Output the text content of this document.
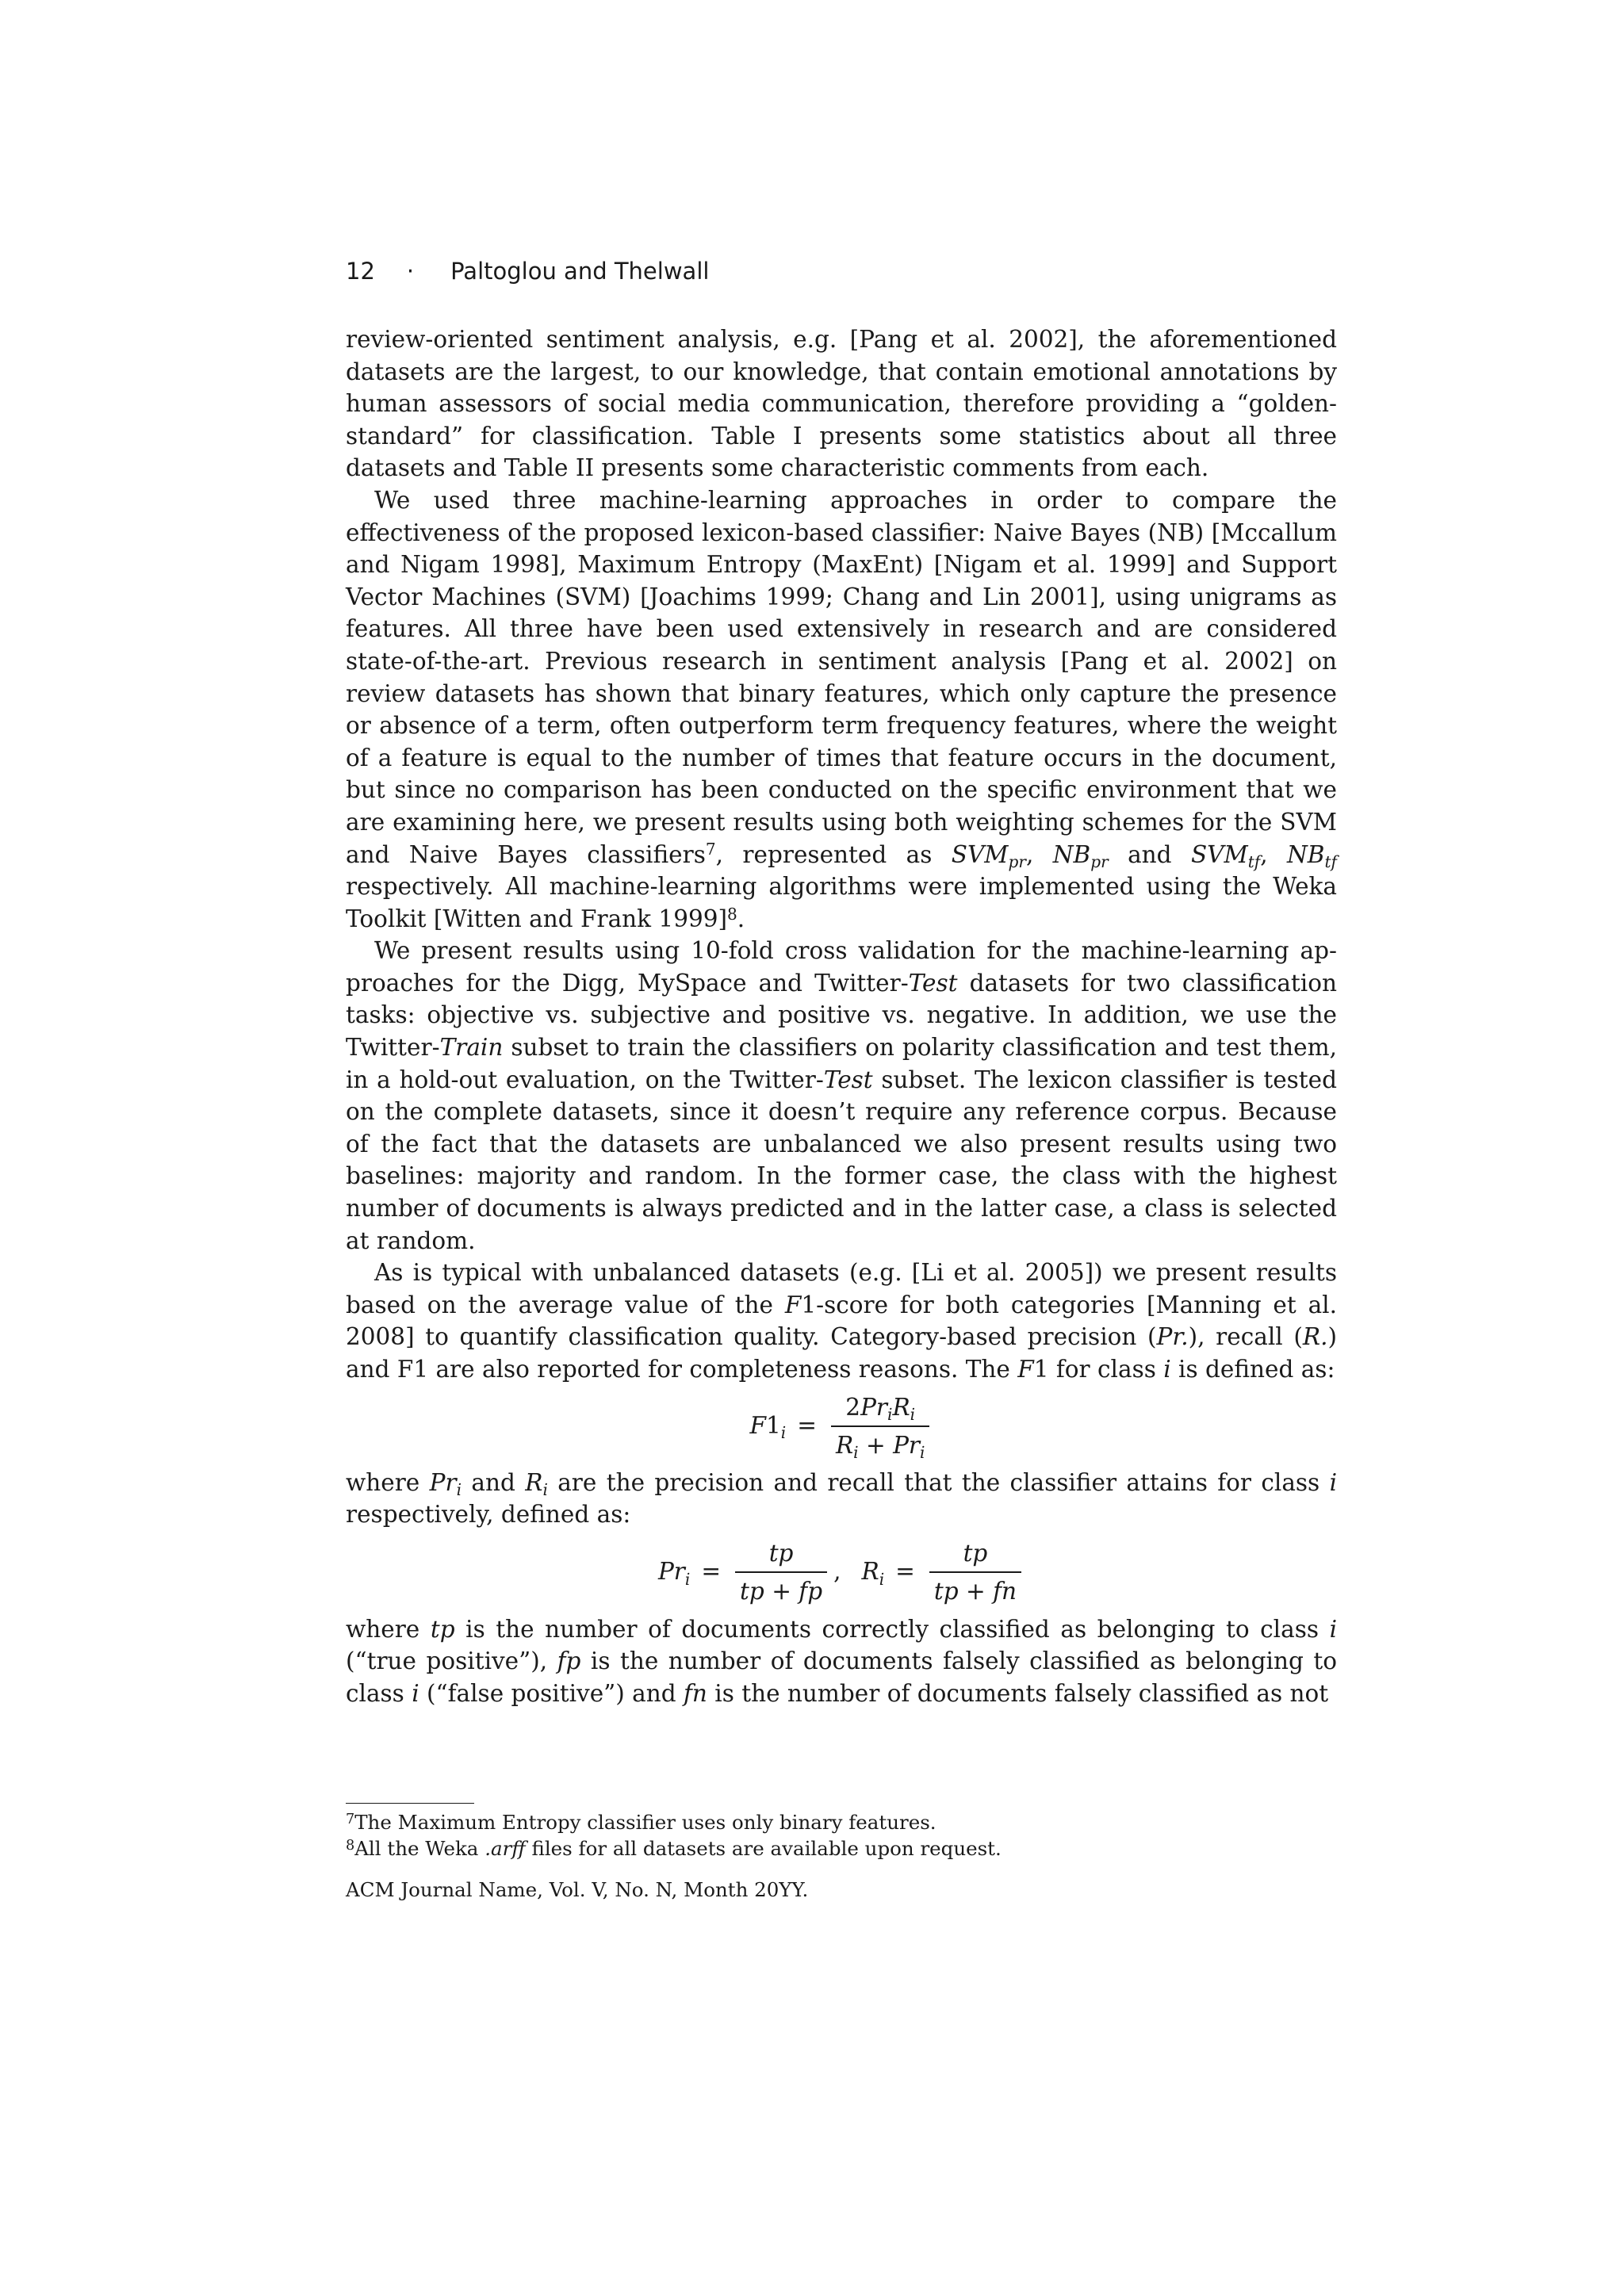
12 · Paltoglou and Thelwall

review-oriented sentiment analysis, e.g. [Pang et al. 2002], the aforementioned datasets are the largest, to our knowledge, that contain emotional annotations by human assessors of social media communication, therefore providing a “golden-standard” for classification. Table I presents some statistics about all three datasets and Table II presents some characteristic comments from each.

We used three machine-learning approaches in order to compare the effectiveness of the proposed lexicon-based classifier: Naive Bayes (NB) [Mccallum and Nigam 1998], Maximum Entropy (MaxEnt) [Nigam et al. 1999] and Support Vector Machines (SVM) [Joachims 1999; Chang and Lin 2001], using unigrams as features. All three have been used extensively in research and are considered state-of-the-art. Previous research in sentiment analysis [Pang et al. 2002] on review datasets has shown that binary features, which only capture the presence or absence of a term, often outperform term frequency features, where the weight of a feature is equal to the number of times that feature occurs in the document, but since no comparison has been conducted on the specific environment that we are examining here, we present results using both weighting schemes for the SVM and Naive Bayes classifiers$^7$, represented as $SVM_{pr}$, $NB_{pr}$ and $SVM_{tf}$, $NB_{tf}$ respectively. All machine-learning algorithms were implemented using the Weka Toolkit [Witten and Frank 1999]$^8$.

We present results using 10-fold cross validation for the machine-learning approaches for the Digg, MySpace and Twitter-Test datasets for two classification tasks: objective vs. subjective and positive vs. negative. In addition, we use the Twitter-Train subset to train the classifiers on polarity classification and test them, in a hold-out evaluation, on the Twitter-Test subset. The lexicon classifier is tested on the complete datasets, since it doesn’t require any reference corpus. Because of the fact that the datasets are unbalanced we also present results using two baselines: majority and random. In the former case, the class with the highest number of documents is always predicted and in the latter case, a class is selected at random.

As is typical with unbalanced datasets (e.g. [Li et al. 2005]) we present results based on the average value of the F1-score for both categories [Manning et al. 2008] to quantify classification quality. Category-based precision (Pr.), recall (R.) and F1 are also reported for completeness reasons. The F1 for class i is defined as:

$F1_i = \frac{2Pr_iR_i}{R_i + Pr_i}$

where $Pr_i$ and $R_i$ are the precision and recall that the classifier attains for class i respectively, defined as:

$Pr_i = \frac{tp}{tp + fp}$ , $R_i = \frac{tp}{tp + fn}$

where tp is the number of documents correctly classified as belonging to class i (“true positive”), fp is the number of documents falsely classified as belonging to class i (“false positive”) and fn is the number of documents falsely classified as not

$^7$The Maximum Entropy classifier uses only binary features.
$^8$All the Weka .arff files for all datasets are available upon request.
ACM Journal Name, Vol. V, No. N, Month 20YY.
